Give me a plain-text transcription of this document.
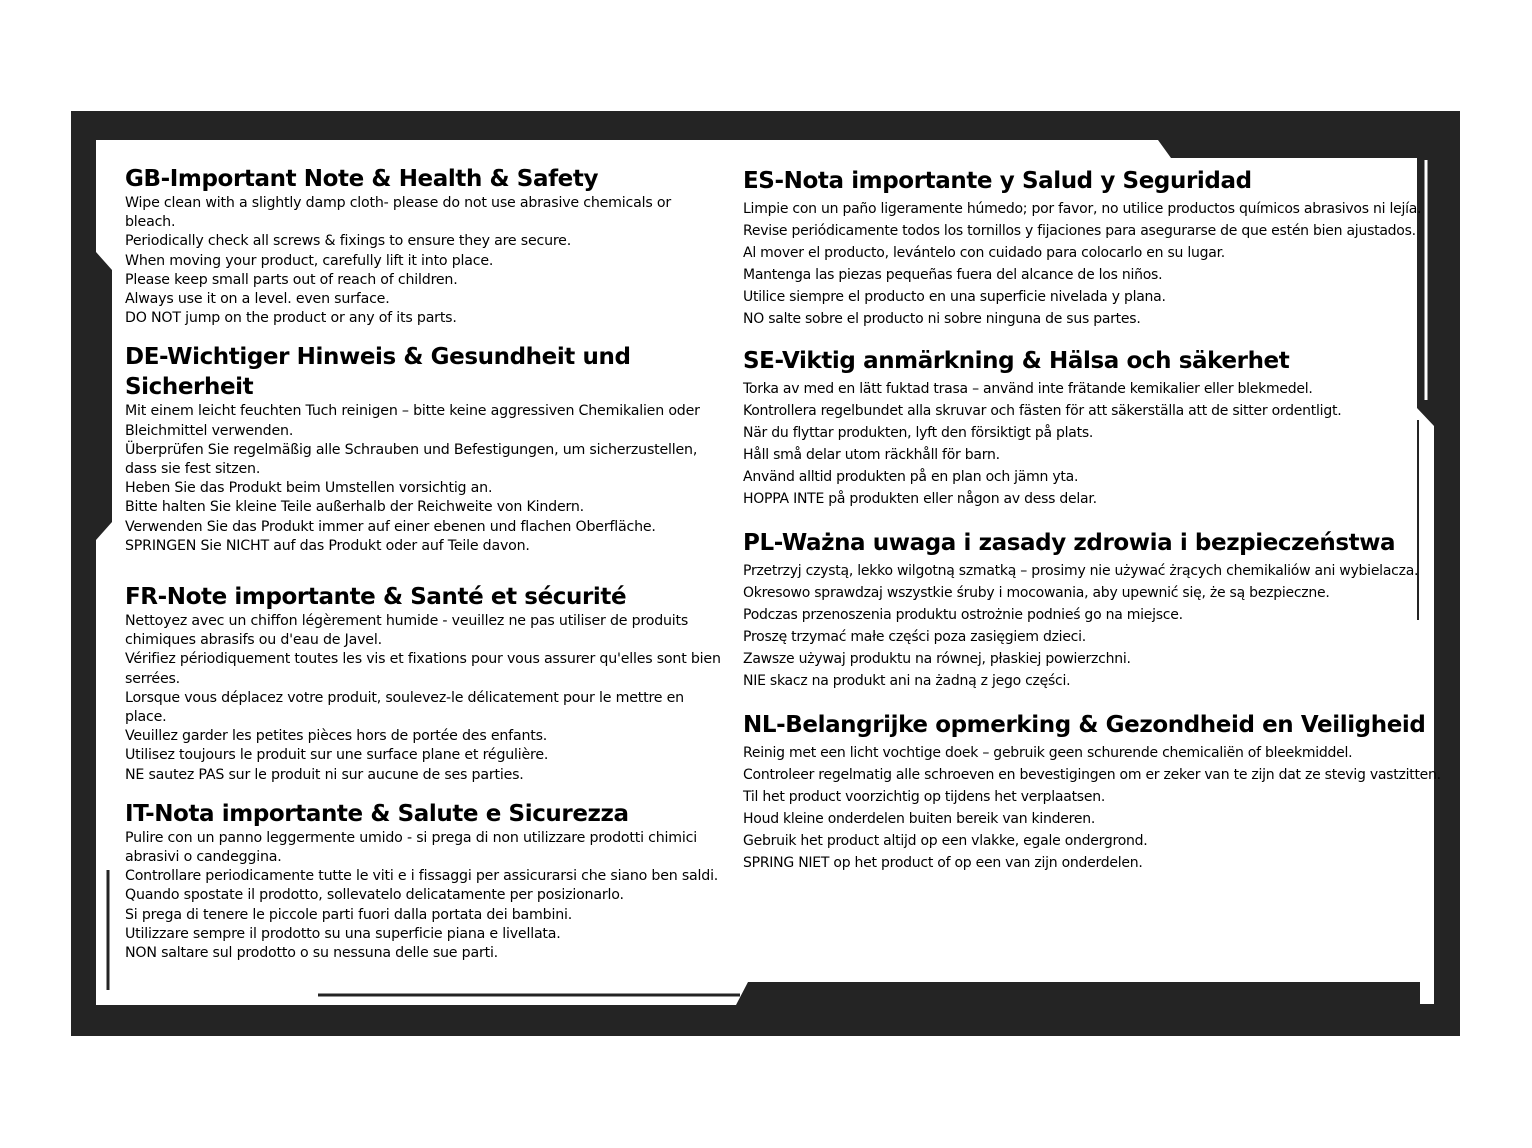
GB-Important Note & Health & Safety
Wipe clean with a slightly damp cloth- please do not use abrasive chemicals or bleach.
Periodically check all screws & fixings to ensure they are secure.
When moving your product, carefully lift it into place.
Please keep small parts out of reach of children.
Always use it on a level. even surface.
DO NOT jump on the product or any of its parts.
DE-Wichtiger Hinweis & Gesundheit und Sicherheit
Mit einem leicht feuchten Tuch reinigen – bitte keine aggressiven Chemikalien oder Bleichmittel verwenden.
Überprüfen Sie regelmäßig alle Schrauben und Befestigungen, um sicherzustellen, dass sie fest sitzen.
Heben Sie das Produkt beim Umstellen vorsichtig an.
Bitte halten Sie kleine Teile außerhalb der Reichweite von Kindern.
Verwenden Sie das Produkt immer auf einer ebenen und flachen Oberfläche.
SPRINGEN Sie NICHT auf das Produkt oder auf Teile davon.
FR-Note importante & Santé et sécurité
Nettoyez avec un chiffon légèrement humide - veuillez ne pas utiliser de produits chimiques abrasifs ou d'eau de Javel.
Vérifiez périodiquement toutes les vis et fixations pour vous assurer qu'elles sont bien serrées.
Lorsque vous déplacez votre produit, soulevez-le délicatement pour le mettre en place.
Veuillez garder les petites pièces hors de portée des enfants.
Utilisez toujours le produit sur une surface plane et régulière.
NE sautez PAS sur le produit ni sur aucune de ses parties.
IT-Nota importante & Salute e Sicurezza
Pulire con un panno leggermente umido - si prega di non utilizzare prodotti chimici abrasivi o candeggina.
Controllare periodicamente tutte le viti e i fissaggi per assicurarsi che siano ben saldi.
Quando spostate il prodotto, sollevatelo delicatamente per posizionarlo.
Si prega di tenere le piccole parti fuori dalla portata dei bambini.
Utilizzare sempre il prodotto su una superficie piana e livellata.
NON saltare sul prodotto o su nessuna delle sue parti.
ES-Nota importante y Salud y Seguridad
Limpie con un paño ligeramente húmedo; por favor, no utilice productos químicos abrasivos ni lejía.
Revise periódicamente todos los tornillos y fijaciones para asegurarse de que estén bien ajustados.
Al mover el producto, levántelo con cuidado para colocarlo en su lugar.
Mantenga las piezas pequeñas fuera del alcance de los niños.
Utilice siempre el producto en una superficie nivelada y plana.
NO salte sobre el producto ni sobre ninguna de sus partes.
SE-Viktig anmärkning & Hälsa och säkerhet
Torka av med en lätt fuktad trasa – använd inte frätande kemikalier eller blekmedel.
Kontrollera regelbundet alla skruvar och fästen för att säkerställa att de sitter ordentligt.
När du flyttar produkten, lyft den försiktigt på plats.
Håll små delar utom räckhåll för barn.
Använd alltid produkten på en plan och jämn yta.
HOPPA INTE på produkten eller någon av dess delar.
PL-Ważna uwaga i zasady zdrowia i bezpieczeństwa
Przetrzyj czystą, lekko wilgotną szmatką – prosimy nie używać żrących chemikaliów ani wybielacza.
Okresowo sprawdzaj wszystkie śruby i mocowania, aby upewnić się, że są bezpieczne.
Podczas przenoszenia produktu ostrożnie podnieś go na miejsce.
Proszę trzymać małe części poza zasięgiem dzieci.
Zawsze używaj produktu na równej, płaskiej powierzchni.
NIE skacz na produkt ani na żadną z jego części.
NL-Belangrijke opmerking & Gezondheid en Veiligheid
Reinig met een licht vochtige doek – gebruik geen schurende chemicaliën of bleekmiddel.
Controleer regelmatig alle schroeven en bevestigingen om er zeker van te zijn dat ze stevig vastzitten.
Til het product voorzichtig op tijdens het verplaatsen.
Houd kleine onderdelen buiten bereik van kinderen.
Gebruik het product altijd op een vlakke, egale ondergrond.
SPRING NIET op het product of op een van zijn onderdelen.
